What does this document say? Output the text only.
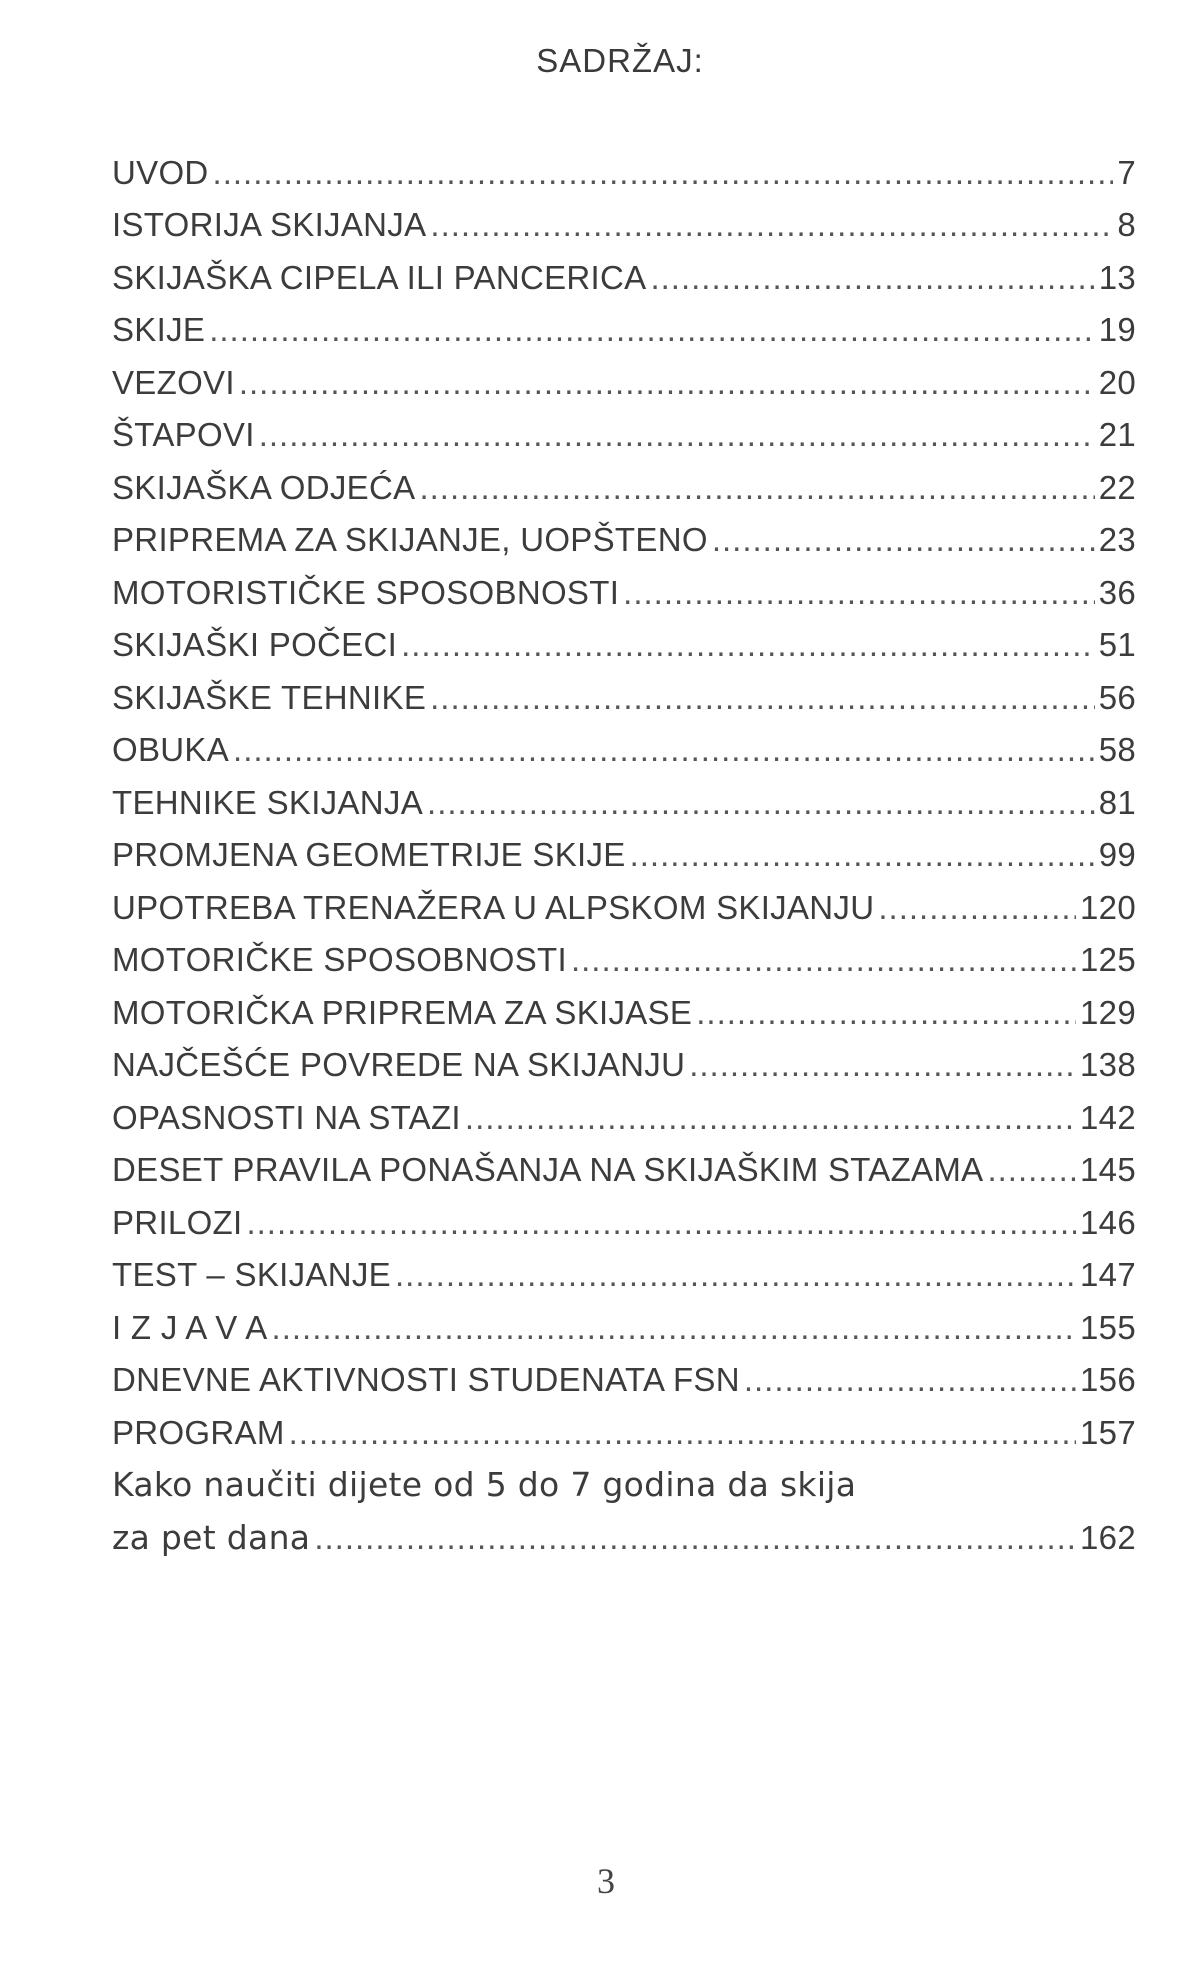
SADRŽAJ:
UVOD .....	7
ISTORIJA SKIJANJA .....	8
SKIJAŠKA CIPELA ILI PANCERICA .....	13
SKIJE .....	19
VEZOVI .....	20
ŠTAPOVI .....	21
SKIJAŠKA ODJEĆA .....	22
PRIPREMA ZA SKIJANJE, UOPŠTENO .....	23
MOTORISTIČKE SPOSOBNOSTI .....	36
SKIJAŠKI POČECI .....	51
SKIJAŠKE TEHNIKE .....	56
OBUKA .....	58
TEHNIKE SKIJANJA .....	81
PROMJENA GEOMETRIJE SKIJE .....	99
UPOTREBA TRENAŽERA U ALPSKOM SKIJANJU .....	120
MOTORIČKE SPOSOBNOSTI .....	125
MOTORIČKA PRIPREMA ZA SKIJASE .....	129
NAJČEŠĆE POVREDE NA SKIJANJU .....	138
OPASNOSTI NA STAZI .....	142
DESET PRAVILA PONAŠANJA NA SKIJAŠKIM STAZAMA .....	145
PRILOZI .....	146
TEST – SKIJANJE .....	147
I Z J A V A .....	155
DNEVNE AKTIVNOSTI STUDENATA FSN .....	156
PROGRAM .....	157
Kako naučiti dijete od 5 do 7 godina da skija
za pet dana .....	162
3
